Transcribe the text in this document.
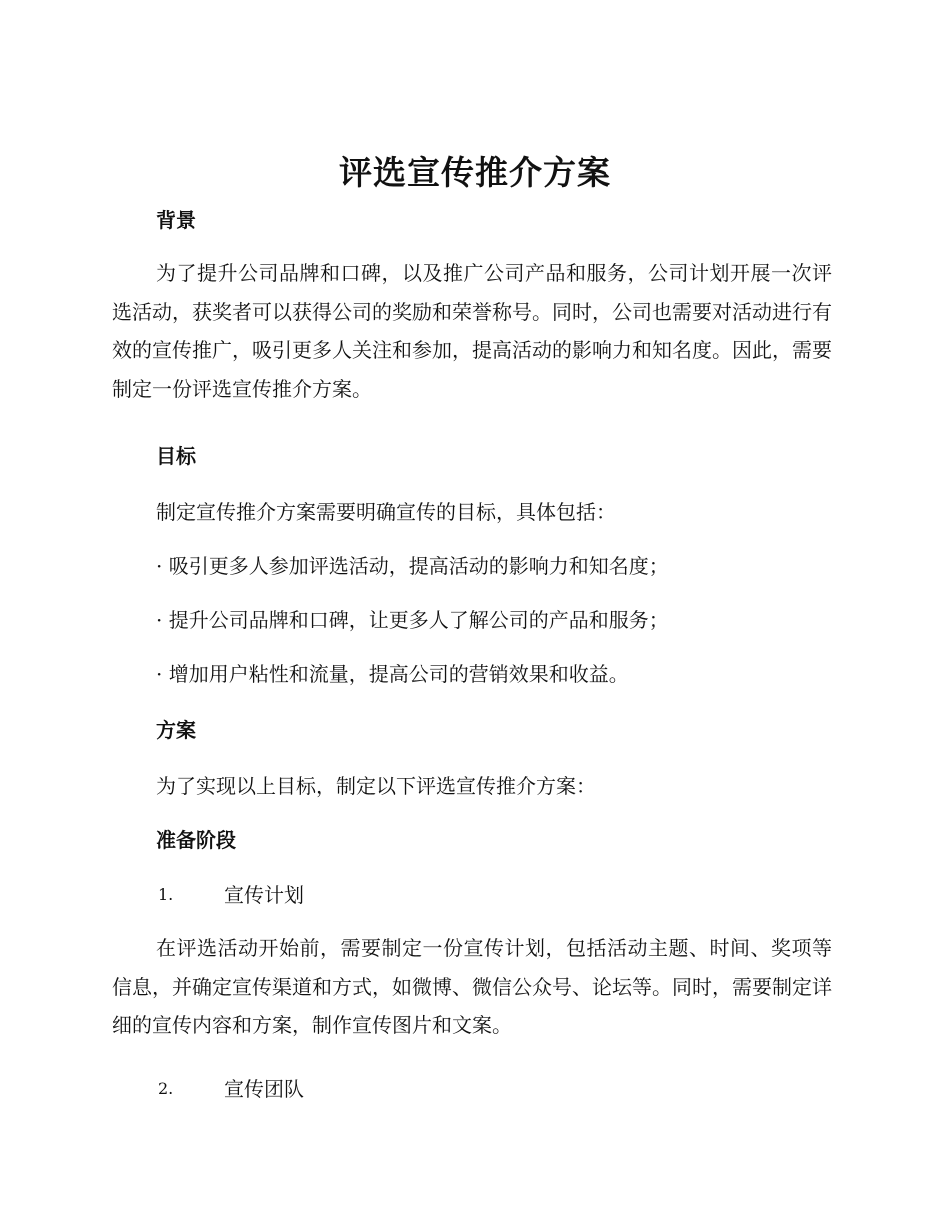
评选宣传推介方案
背景

为了提升公司品牌和口碑，以及推广公司产品和服务，公司计划开展一次评选活动，获奖者可以获得公司的奖励和荣誉称号。同时，公司也需要对活动进行有效的宣传推广，吸引更多人关注和参加，提高活动的影响力和知名度。因此，需要制定一份评选宣传推介方案。

目标
制定宣传推介方案需要明确宣传的目标，具体包括：
· 吸引更多人参加评选活动，提高活动的影响力和知名度；
· 提升公司品牌和口碑，让更多人了解公司的产品和服务；
· 增加用户粘性和流量，提高公司的营销效果和收益。
方案
为了实现以上目标，制定以下评选宣传推介方案：
准备阶段
1.	宣传计划

在评选活动开始前，需要制定一份宣传计划，包括活动主题、时间、奖项等信息，并确定宣传渠道和方式，如微博、微信公众号、论坛等。同时，需要制定详细的宣传内容和方案，制作宣传图片和文案。

2.	宣传团队
